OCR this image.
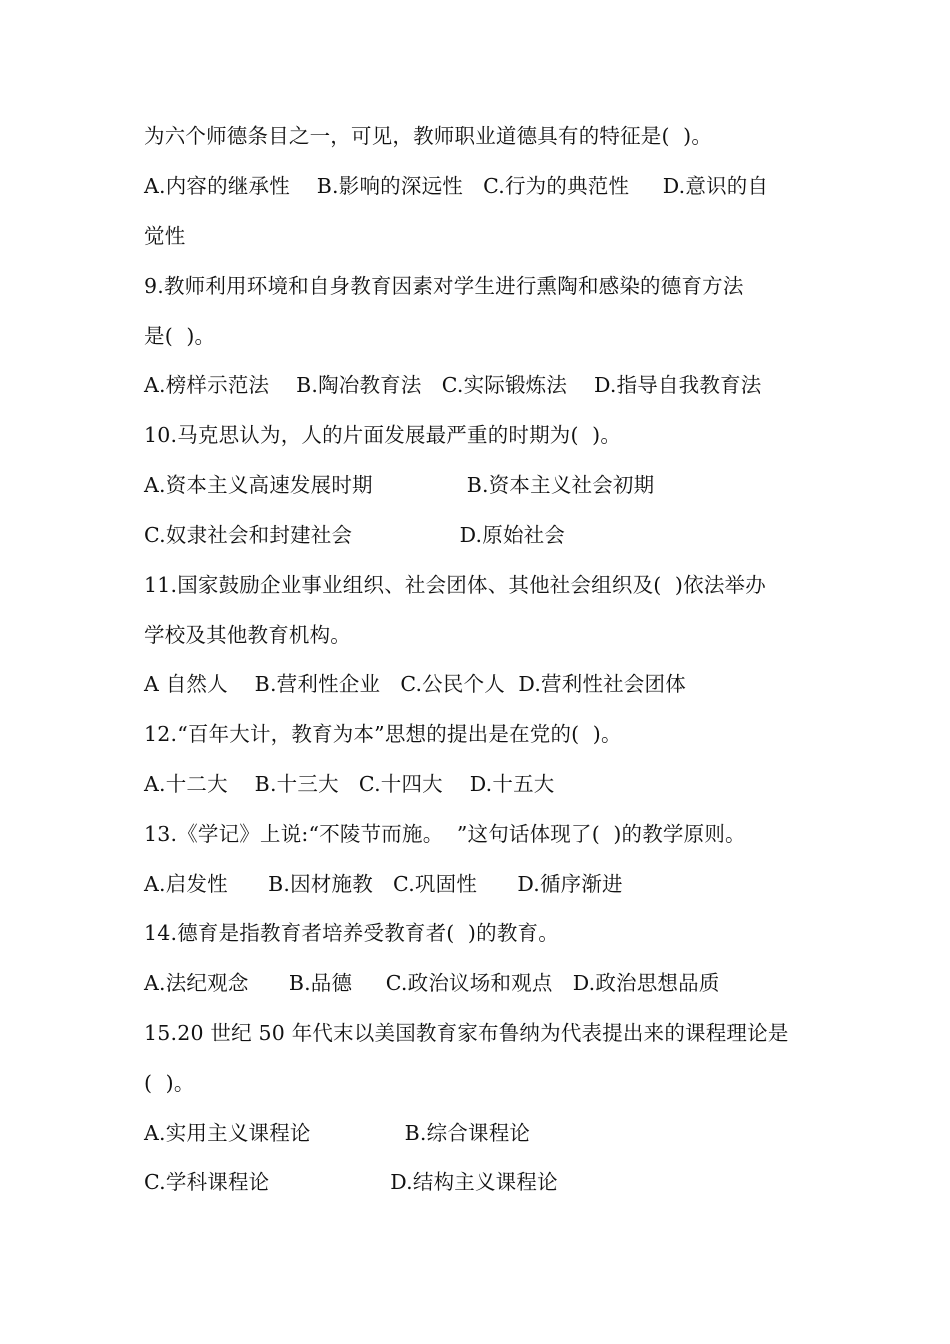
为六个师德条目之一，可见，教师职业道德具有的特征是(  )。
A.内容的继承性    B.影响的深远性   C.行为的典范性     D.意识的自
觉性
9.教师利用环境和自身教育因素对学生进行熏陶和感染的德育方法
是(  )。
A.榜样示范法    B.陶冶教育法   C.实际锻炼法    D.指导自我教育法
10.马克思认为，人的片面发展最严重的时期为(  )。
A.资本主义高速发展时期              B.资本主义社会初期
C.奴隶社会和封建社会                D.原始社会
11.国家鼓励企业事业组织、社会团体、其他社会组织及(  )依法举办
学校及其他教育机构。
A 自然人    B.营利性企业   C.公民个人  D.营利性社会团体
12.“百年大计，教育为本”思想的提出是在党的(  )。
A.十二大    B.十三大   C.十四大    D.十五大
13.《学记》上说:“不陵节而施。  ”这句话体现了(  )的教学原则。
A.启发性      B.因材施教   C.巩固性      D.循序渐进
14.德育是指教育者培养受教育者(  )的教育。
A.法纪观念      B.品德     C.政治议场和观点   D.政治思想品质
15.20 世纪 50 年代末以美国教育家布鲁纳为代表提出来的课程理论是
(  )。
A.实用主义课程论              B.综合课程论
C.学科课程论                  D.结构主义课程论
